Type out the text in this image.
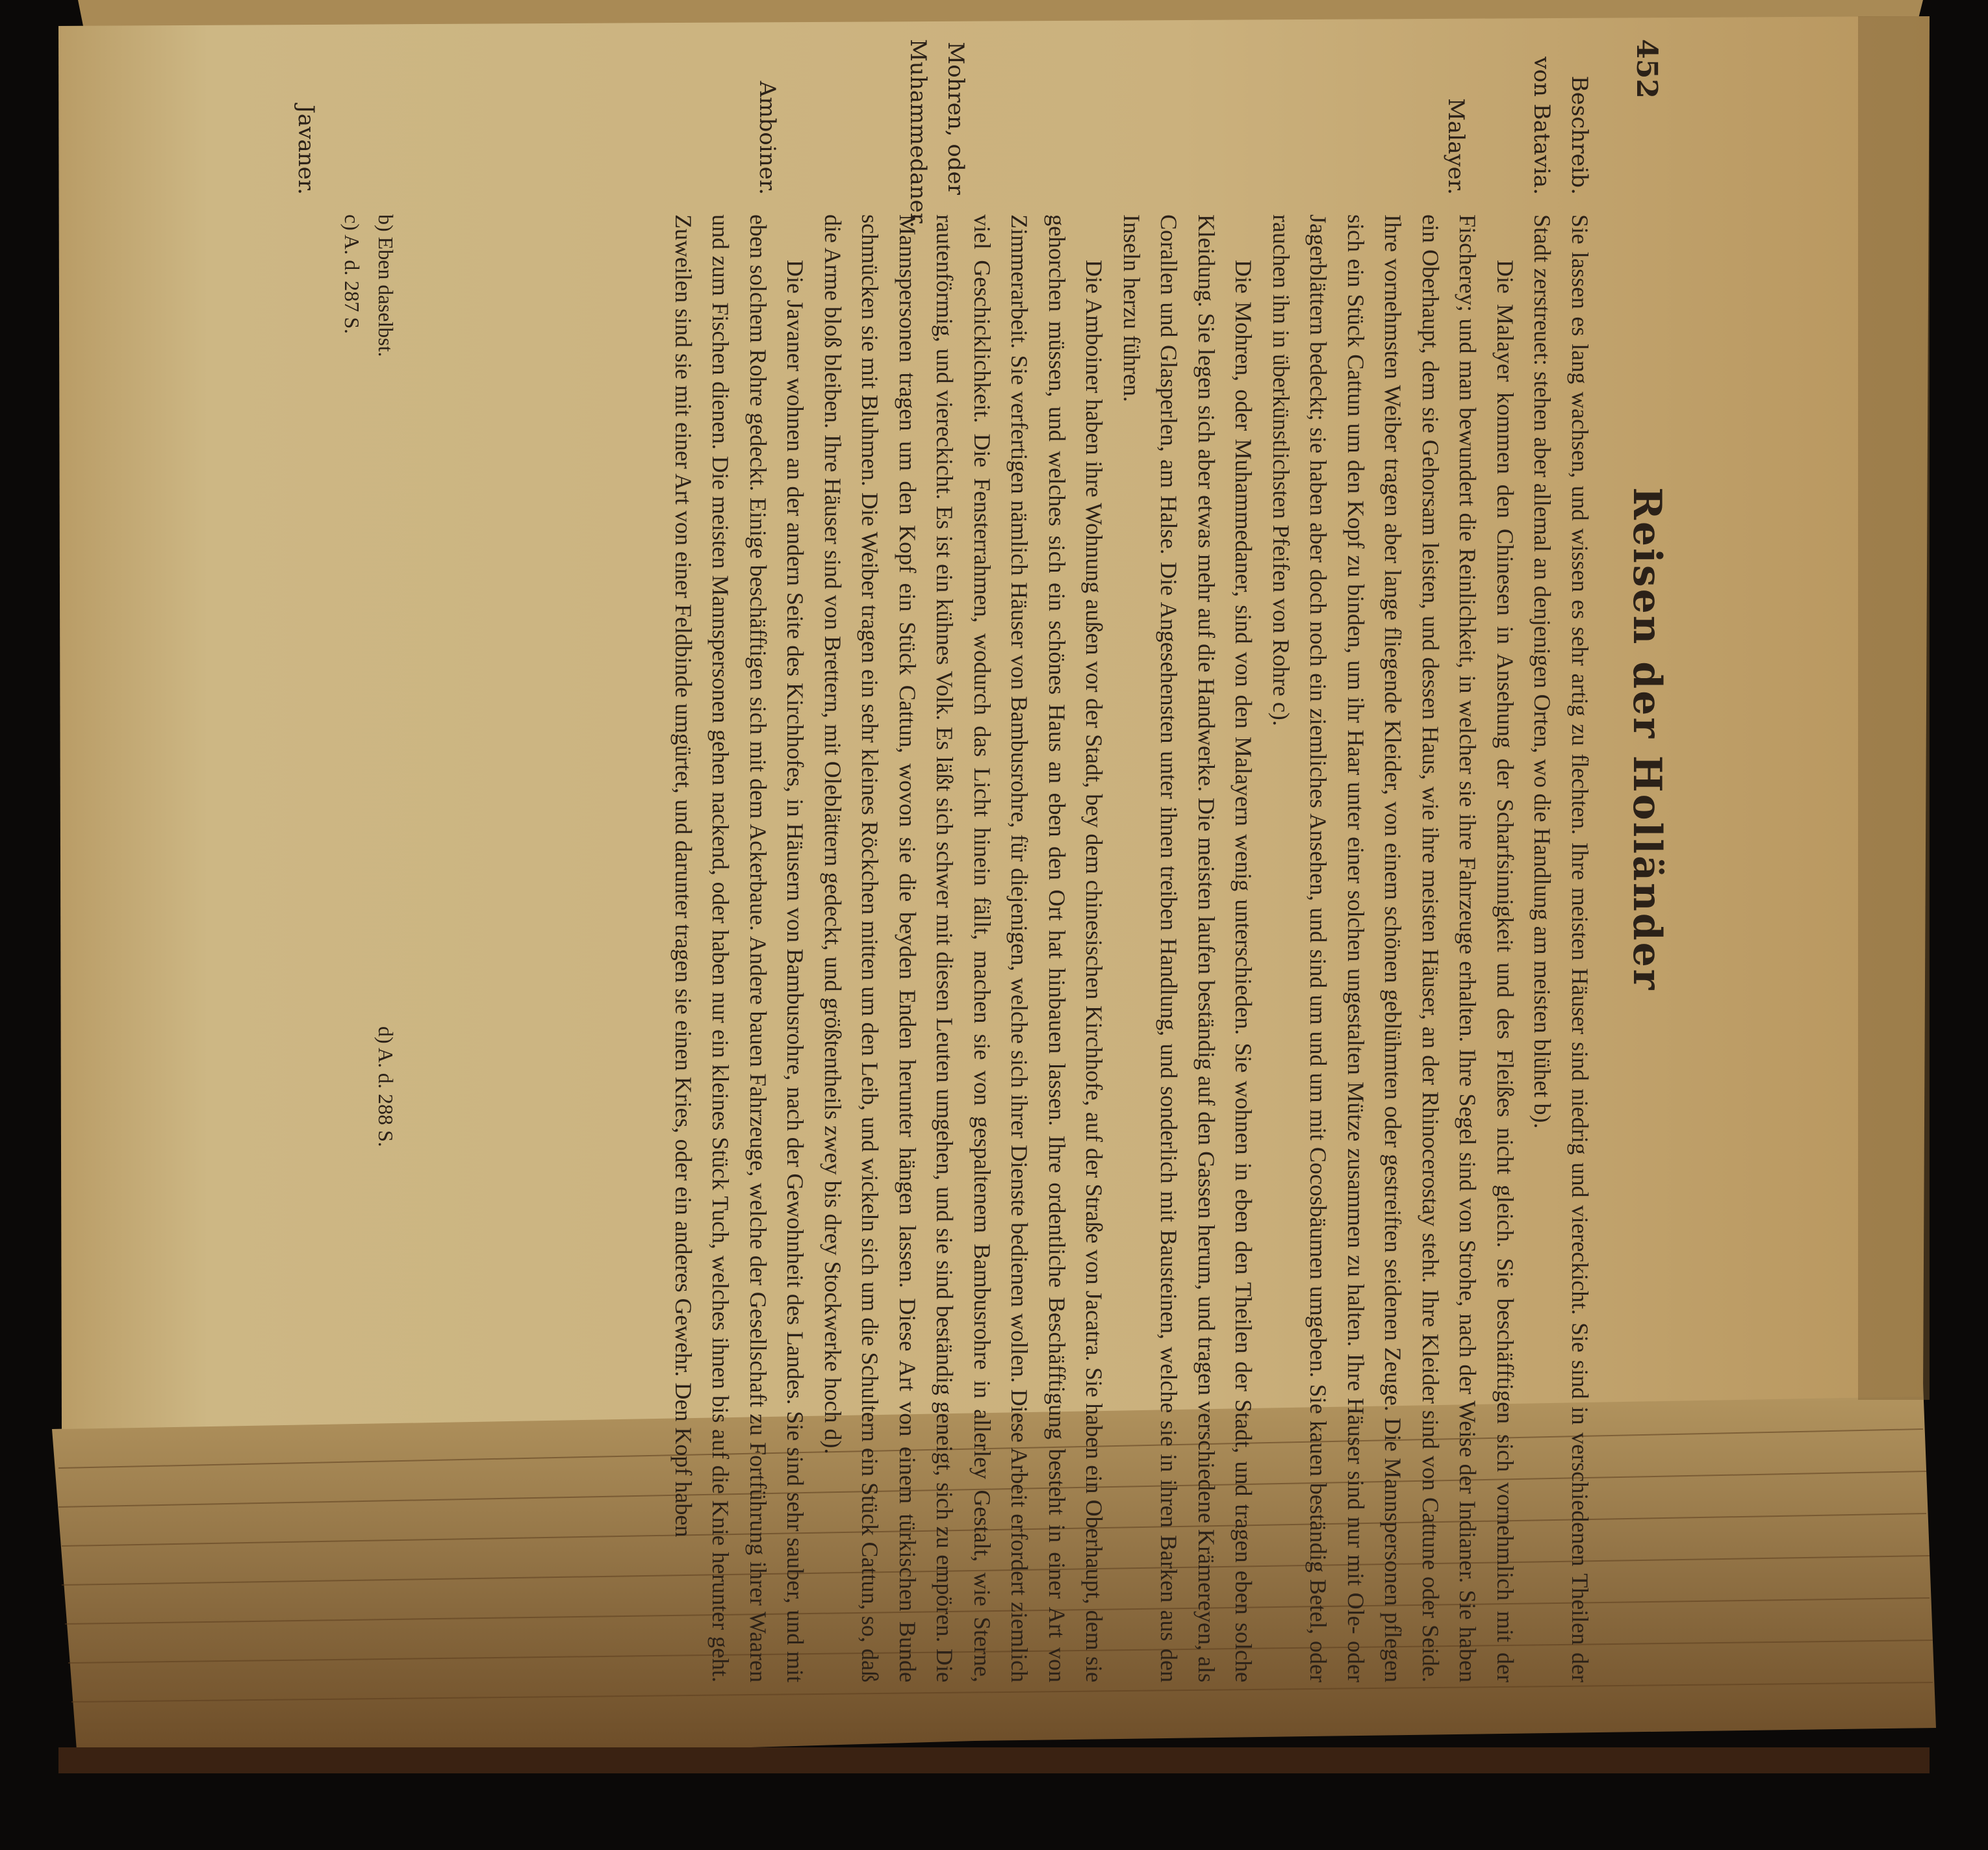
452
Reisen der Holländer
Beschreib. von Batavia.
Malayer.
Mohren, oder Muhammedaner.
Amboiner.
Javaner.

Sie lassen es lang wachsen, und wissen es sehr artig zu flechten. Ihre meisten Häuser sind niedrig und viereckicht. Sie sind in verschiedenen Theilen der Stadt zerstreuet: stehen aber allemal an denjenigen Orten, wo die Handlung am meisten blühet b).

Die Malayer kommen den Chinesen in Ansehung der Scharfsinnigkeit und des Fleißes nicht gleich. Sie beschäfftigen sich vornehmlich mit der Fischerey; und man bewundert die Reinlichkeit, in welcher sie ihre Fahrzeuge erhalten. Ihre Segel sind von Strohe, nach der Weise der Indianer. Sie haben ein Oberhaupt, dem sie Gehorsam leisten, und dessen Haus, wie ihre meisten Häuser, an der Rhinocerostay steht. Ihre Kleider sind von Cattune oder Seide. Ihre vornehmsten Weiber tragen aber lange fliegende Kleider, von einem schönen geblühmten oder gestreiften seidenen Zeuge. Die Mannspersonen pflegen sich ein Stück Cattun um den Kopf zu binden, um ihr Haar unter einer solchen ungestalten Mütze zusammen zu halten. Ihre Häuser sind nur mit Ole- oder Jagerblättern bedeckt; sie haben aber doch noch ein ziemliches Ansehen, und sind um und um mit Cocosbäumen umgeben. Sie kauen beständig Betel, oder rauchen ihn in überkünstlichsten Pfeifen von Rohre c).

Die Mohren, oder Muhammedaner, sind von den Malayern wenig unterschieden. Sie wohnen in eben den Theilen der Stadt, und tragen eben solche Kleidung. Sie legen sich aber etwas mehr auf die Handwerke. Die meisten laufen beständig auf den Gassen herum, und tragen verschiedene Krämereyen, als Corallen und Glasperlen, am Halse. Die Angesehensten unter ihnen treiben Handlung, und sonderlich mit Bausteinen, welche sie in ihren Barken aus den Inseln herzu führen.

Die Amboiner haben ihre Wohnung außen vor der Stadt, bey dem chinesischen Kirchhofe, auf der Straße von Jacatra. Sie haben ein Oberhaupt, dem sie gehorchen müssen, und welches sich ein schönes Haus an eben den Ort hat hinbauen lassen. Ihre ordentliche Beschäfftigung besteht in einer Art von Zimmerarbeit. Sie verfertigen nämlich Häuser von Bambusrohre, für diejenigen, welche sich ihrer Dienste bedienen wollen. Diese Arbeit erfordert ziemlich viel Geschicklichkeit. Die Fensterrahmen, wodurch das Licht hinein fällt, machen sie von gespaltenem Bambusrohre in allerley Gestalt, wie Sterne, rautenförmig, und viereckicht. Es ist ein kühnes Volk. Es läßt sich schwer mit diesen Leuten umgehen, und sie sind beständig geneigt, sich zu empören. Die Mannspersonen tragen um den Kopf ein Stück Cattun, wovon sie die beyden Enden herunter hängen lassen. Diese Art von einem türkischen Bunde schmücken sie mit Bluhmen. Die Weiber tragen ein sehr kleines Röckchen mitten um den Leib, und wickeln sich um die Schultern ein Stück Cattun, so, daß die Arme bloß bleiben. Ihre Häuser sind von Brettern, mit Oleblättern gedeckt, und größtentheils zwey bis drey Stockwerke hoch d).

Die Javaner wohnen an der andern Seite des Kirchhofes, in Häusern von Bambusrohre, nach der Gewohnheit des Landes. Sie sind sehr sauber, und mit eben solchem Rohre gedeckt. Einige beschäfftigen sich mit dem Ackerbaue. Andere bauen Fahrzeuge, welche der Gesellschaft zu Fortführung ihrer Waaren und zum Fischen dienen. Die meisten Mannspersonen gehen nackend, oder haben nur ein kleines Stück Tuch, welches ihnen bis auf die Knie herunter geht. Zuweilen sind sie mit einer Art von einer Feldbinde umgürtet, und darunter tragen sie einen Kries, oder ein anderes Gewehr. Den Kopf haben

b) Eben daselbst.
c) A. d. 287 S.
d) A. d. 288 S.
